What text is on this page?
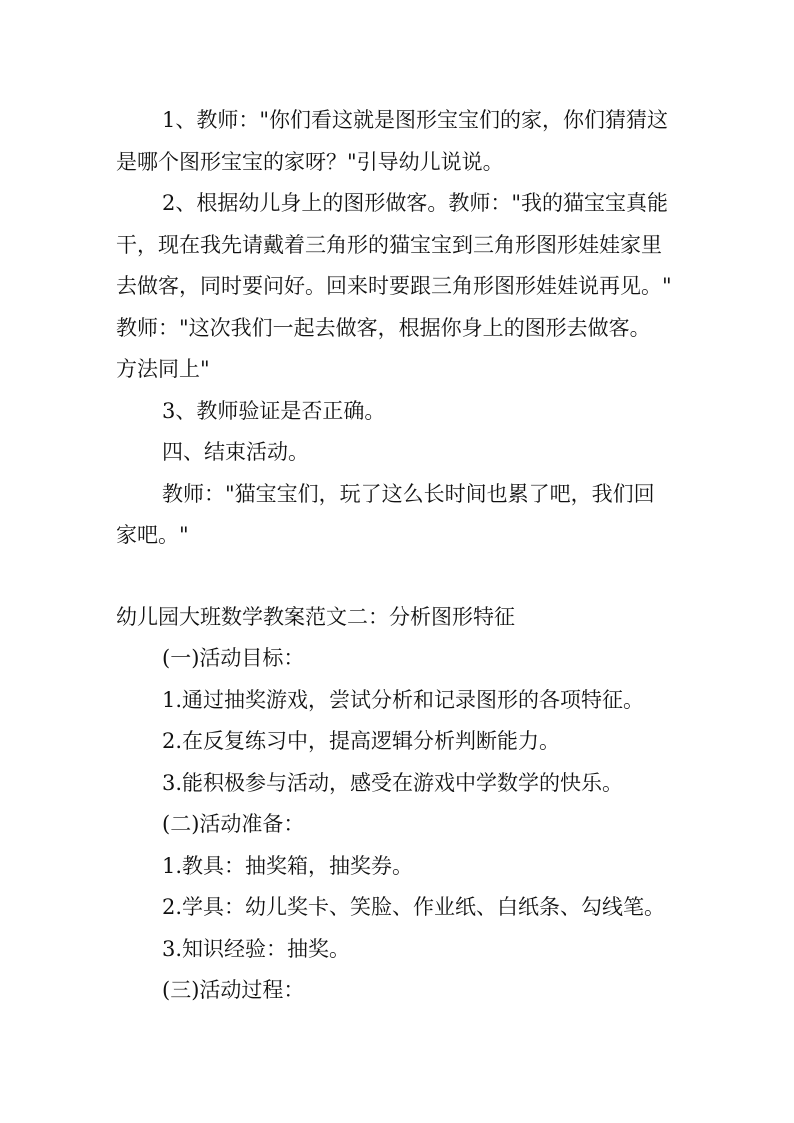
1、教师："你们看这就是图形宝宝们的家，你们猜猜这
是哪个图形宝宝的家呀？"引导幼儿说说。
2、根据幼儿身上的图形做客。教师："我的猫宝宝真能
干，现在我先请戴着三角形的猫宝宝到三角形图形娃娃家里
去做客，同时要问好。回来时要跟三角形图形娃娃说再见。"
教师："这次我们一起去做客，根据你身上的图形去做客。
方法同上"
3、教师验证是否正确。
四、结束活动。
教师："猫宝宝们，玩了这么长时间也累了吧，我们回
家吧。"
幼儿园大班数学教案范文二：分析图形特征
(一)活动目标：
1.通过抽奖游戏，尝试分析和记录图形的各项特征。
2.在反复练习中，提高逻辑分析判断能力。
3.能积极参与活动，感受在游戏中学数学的快乐。
(二)活动准备：
1.教具：抽奖箱，抽奖券。
2.学具：幼儿奖卡、笑脸、作业纸、白纸条、勾线笔。
3.知识经验：抽奖。
(三)活动过程：
